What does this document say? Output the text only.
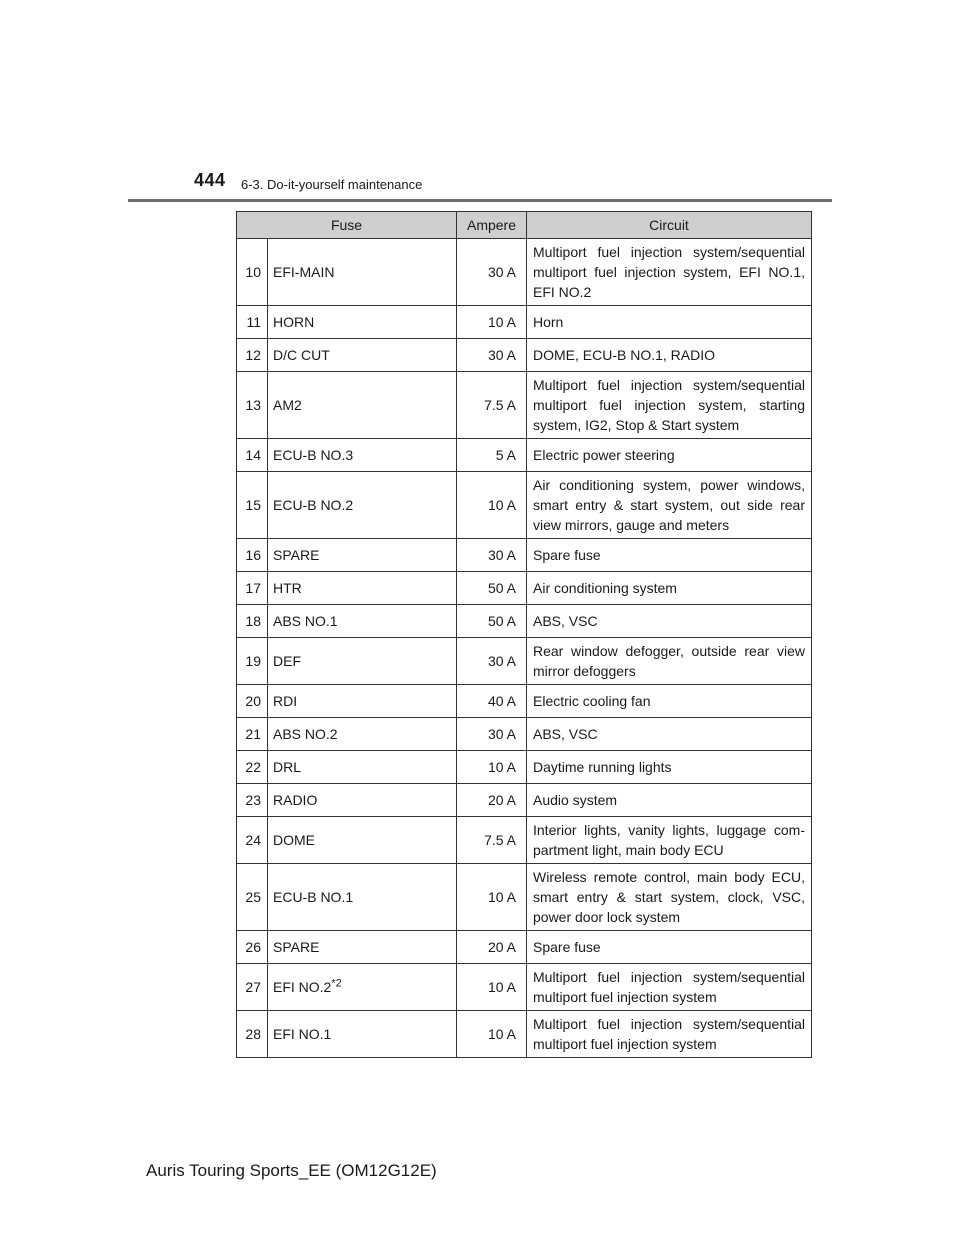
444 6-3. Do-it-yourself maintenance
Fuse		Ampere	Circuit
10	EFI-MAIN	30 A	Multiport fuel injection system/sequential multiport fuel injection system, EFI NO.1, EFI NO.2
11	HORN	10 A	Horn
12	D/C CUT	30 A	DOME, ECU-B NO.1, RADIO
13	AM2	7.5 A	Multiport fuel injection system/sequential multiport fuel injection system, starting system, IG2, Stop & Start system
14	ECU-B NO.3	5 A	Electric power steering
15	ECU-B NO.2	10 A	Air conditioning system, power windows, smart entry & start system, out side rear view mirrors, gauge and meters
16	SPARE	30 A	Spare fuse
17	HTR	50 A	Air conditioning system
18	ABS NO.1	50 A	ABS, VSC
19	DEF	30 A	Rear window defogger, outside rear view mirror defoggers
20	RDI	40 A	Electric cooling fan
21	ABS NO.2	30 A	ABS, VSC
22	DRL	10 A	Daytime running lights
23	RADIO	20 A	Audio system
24	DOME	7.5 A	Interior lights, vanity lights, luggage com-partment light, main body ECU
25	ECU-B NO.1	10 A	Wireless remote control, main body ECU, smart entry & start system, clock, VSC, power door lock system
26	SPARE	20 A	Spare fuse
27	EFI NO.2$^{*2}$	10 A	Multiport fuel injection system/sequential multiport fuel injection system
28	EFI NO.1	10 A	Multiport fuel injection system/sequential multiport fuel injection system
Auris Touring Sports_EE (OM12G12E)
